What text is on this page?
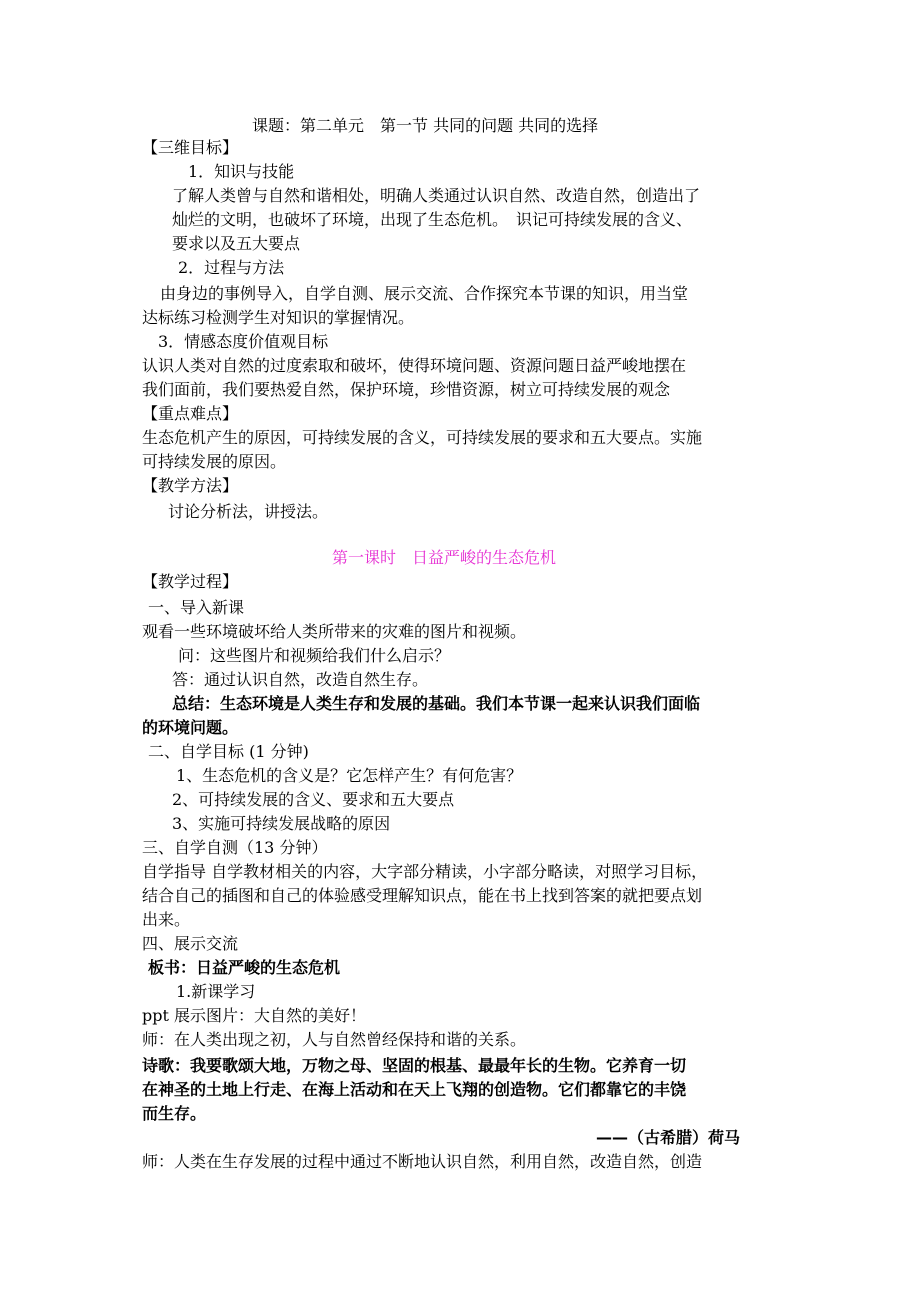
课题：第二单元　第一节 共同的问题 共同的选择
【三维目标】
1．知识与技能
了解人类曾与自然和谐相处，明确人类通过认识自然、改造自然，创造出了
灿烂的文明，也破坏了环境，出现了生态危机。　识记可持续发展的含义、
要求以及五大要点
2．过程与方法
由身边的事例导入，自学自测、展示交流、合作探究本节课的知识，用当堂
达标练习检测学生对知识的掌握情况。
3．情感态度价值观目标
认识人类对自然的过度索取和破坏，使得环境问题、资源问题日益严峻地摆在
我们面前，我们要热爱自然，保护环境，珍惜资源，树立可持续发展的观念
【重点难点】
生态危机产生的原因，可持续发展的含义，可持续发展的要求和五大要点。实施
可持续发展的原因。
【教学方法】
讨论分析法，讲授法。
第一课时　日益严峻的生态危机
【教学过程】
一、导入新课
观看一些环境破坏给人类所带来的灾难的图片和视频。
问：这些图片和视频给我们什么启示？
答：通过认识自然，改造自然生存。
总结：生态环境是人类生存和发展的基础。我们本节课一起来认识我们面临
的环境问题。
二、自学目标 (1 分钟)
1、生态危机的含义是？它怎样产生？有何危害？
2、可持续发展的含义、要求和五大要点
3、实施可持续发展战略的原因
三、自学自测（13 分钟）
自学指导 自学教材相关的内容，大字部分精读，小字部分略读，对照学习目标，
结合自己的插图和自己的体验感受理解知识点，能在书上找到答案的就把要点划
出来。
四、展示交流
板书：日益严峻的生态危机
1.新课学习
ppt 展示图片：大自然的美好！
师：在人类出现之初，人与自然曾经保持和谐的关系。
诗歌：我要歌颂大地，万物之母、坚固的根基、最最年长的生物。它养育一切
在神圣的土地上行走、在海上活动和在天上飞翔的创造物。它们都靠它的丰饶
而生存。
——（古希腊）荷马
师：人类在生存发展的过程中通过不断地认识自然，利用自然，改造自然，创造
